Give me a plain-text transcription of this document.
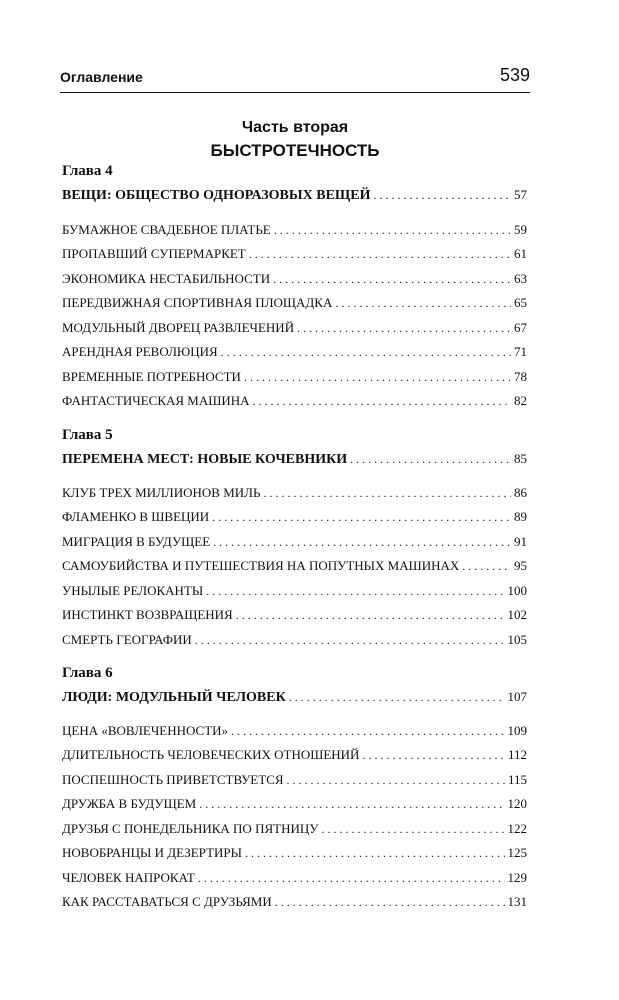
Оглавление	539
Часть вторая
БЫСТРОТЕЧНОСТЬ
Глава 4
ВЕЩИ: ОБЩЕСТВО ОДНОРАЗОВЫХ ВЕЩЕЙ . . .	57
БУМАЖНОЕ СВАДЕБНОЕ ПЛАТЬЕ . . .	59
ПРОПАВШИЙ СУПЕРМАРКЕТ . . .	61
ЭКОНОМИКА НЕСТАБИЛЬНОСТИ . . .	63
ПЕРЕДВИЖНАЯ СПОРТИВНАЯ ПЛОЩАДКА . . .	65
МОДУЛЬНЫЙ ДВОРЕЦ РАЗВЛЕЧЕНИЙ . . .	67
АРЕНДНАЯ РЕВОЛЮЦИЯ . . .	71
ВРЕМЕННЫЕ ПОТРЕБНОСТИ . . .	78
ФАНТАСТИЧЕСКАЯ МАШИНА . . .	82
Глава 5
ПЕРЕМЕНА МЕСТ: НОВЫЕ КОЧЕВНИКИ . . .	85
КЛУБ ТРЕХ МИЛЛИОНОВ МИЛЬ . . .	86
ФЛАМЕНКО В ШВЕЦИИ . . .	89
МИГРАЦИЯ В БУДУЩЕЕ . . .	91
САМОУБИЙСТВА И ПУТЕШЕСТВИЯ НА ПОПУТНЫХ МАШИНАХ . . .	95
УНЫЛЫЕ РЕЛОКАНТЫ . . .	100
ИНСТИНКТ ВОЗВРАЩЕНИЯ . . .	102
СМЕРТЬ ГЕОГРАФИИ . . .	105
Глава 6
ЛЮДИ: МОДУЛЬНЫЙ ЧЕЛОВЕК . . .	107
ЦЕНА «ВОВЛЕЧЕННОСТИ» . . .	109
ДЛИТЕЛЬНОСТЬ ЧЕЛОВЕЧЕСКИХ ОТНОШЕНИЙ . . .	112
ПОСПЕШНОСТЬ ПРИВЕТСТВУЕТСЯ . . .	115
ДРУЖБА В БУДУЩЕМ . . .	120
ДРУЗЬЯ С ПОНЕДЕЛЬНИКА ПО ПЯТНИЦУ . . .	122
НОВОБРАНЦЫ И ДЕЗЕРТИРЫ . . .	125
ЧЕЛОВЕК НАПРОКАТ . . .	129
КАК РАССТАВАТЬСЯ С ДРУЗЬЯМИ . . .	131
